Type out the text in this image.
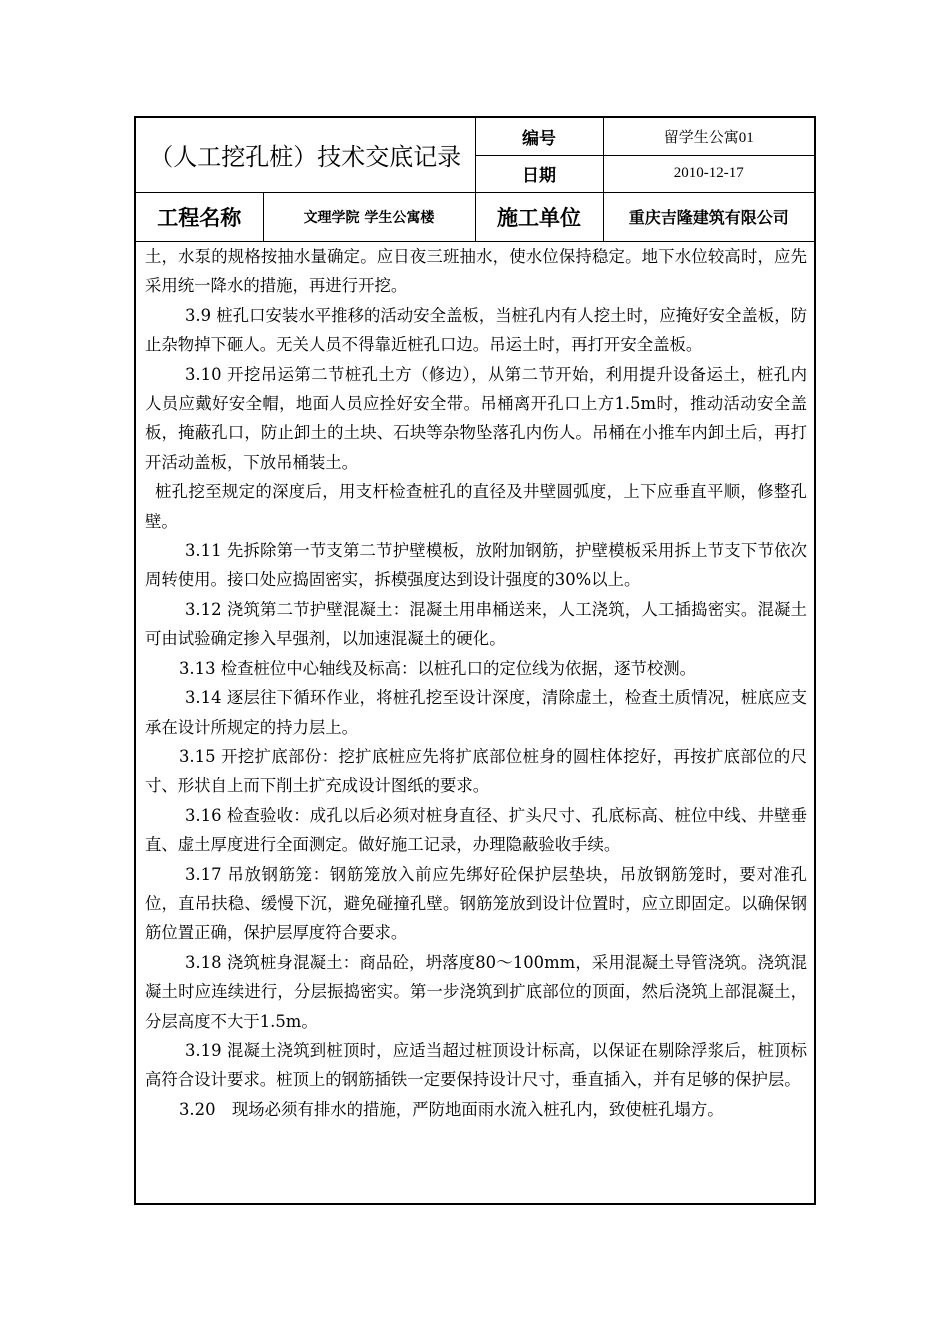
（人工挖孔桩）技术交底记录		编号	留学生公寓01
		日期	2010-12-17
工程名称	文理学院 学生公寓楼	施工单位	重庆吉隆建筑有限公司

土，水泵的规格按抽水量确定。应日夜三班抽水，使水位保持稳定。地下水位较高时，应先采用统一降水的措施，再进行开挖。

3.9 桩孔口安装水平推移的活动安全盖板，当桩孔内有人挖土时，应掩好安全盖板，防止杂物掉下砸人。无关人员不得靠近桩孔口边。吊运土时，再打开安全盖板。

3.10 开挖吊运第二节桩孔土方（修边），从第二节开始，利用提升设备运土，桩孔内人员应戴好安全帽，地面人员应拴好安全带。吊桶离开孔口上方1.5m时，推动活动安全盖板，掩蔽孔口，防止卸土的土块、石块等杂物坠落孔内伤人。吊桶在小推车内卸土后，再打开活动盖板，下放吊桶装土。

桩孔挖至规定的深度后，用支杆检查桩孔的直径及井壁圆弧度，上下应垂直平顺，修整孔壁。

3.11 先拆除第一节支第二节护壁模板，放附加钢筋，护壁模板采用拆上节支下节依次周转使用。接口处应捣固密实，拆模强度达到设计强度的30%以上。

3.12 浇筑第二节护壁混凝土：混凝土用串桶送来，人工浇筑，人工插捣密实。混凝土可由试验确定掺入早强剂，以加速混凝土的硬化。

3.13 检查桩位中心轴线及标高：以桩孔口的定位线为依据，逐节校测。

3.14 逐层往下循环作业，将桩孔挖至设计深度，清除虚土，检查土质情况，桩底应支承在设计所规定的持力层上。

3.15 开挖扩底部份：挖扩底桩应先将扩底部位桩身的圆柱体挖好，再按扩底部位的尺寸、形状自上而下削土扩充成设计图纸的要求。

3.16 检查验收：成孔以后必须对桩身直径、扩头尺寸、孔底标高、桩位中线、井壁垂直、虚土厚度进行全面测定。做好施工记录，办理隐蔽验收手续。

3.17 吊放钢筋笼：钢筋笼放入前应先绑好砼保护层垫块，吊放钢筋笼时，要对准孔位，直吊扶稳、缓慢下沉，避免碰撞孔壁。钢筋笼放到设计位置时，应立即固定。以确保钢筋位置正确，保护层厚度符合要求。

3.18 浇筑桩身混凝土：商品砼，坍落度80～100mm，采用混凝土导管浇筑。浇筑混凝土时应连续进行，分层振捣密实。第一步浇筑到扩底部位的顶面，然后浇筑上部混凝土，分层高度不大于1.5m。

3.19 混凝土浇筑到桩顶时，应适当超过桩顶设计标高，以保证在剔除浮浆后，桩顶标高符合设计要求。桩顶上的钢筋插铁一定要保持设计尺寸，垂直插入，并有足够的保护层。

3.20　现场必须有排水的措施，严防地面雨水流入桩孔内，致使桩孔塌方。
